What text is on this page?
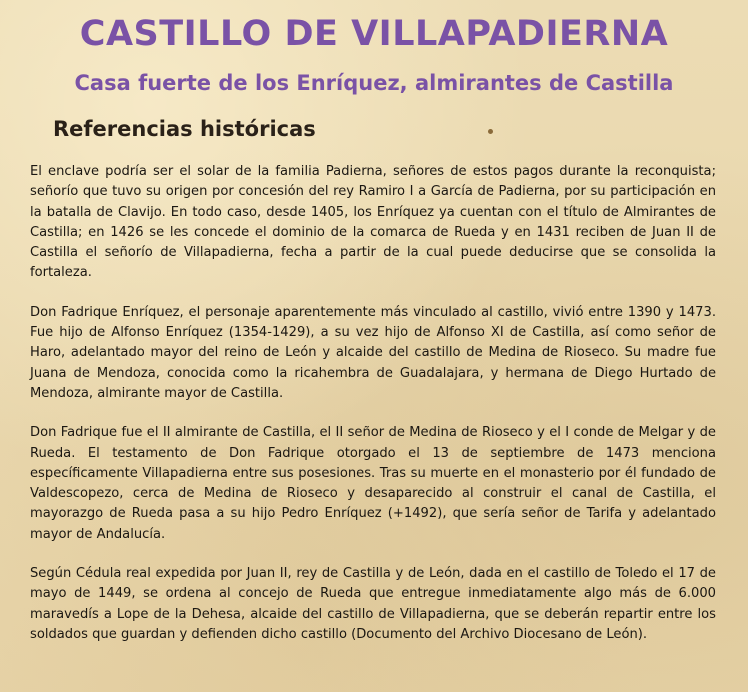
CASTILLO DE VILLAPADIERNA
Casa fuerte de los Enríquez, almirantes de Castilla
Referencias históricas

El enclave podría ser el solar de la familia Padierna, señores de estos pagos durante la reconquista; señorío que tuvo su origen por concesión del rey Ramiro I a García de Padierna, por su participación en la batalla de Clavijo. En todo caso, desde 1405, los Enríquez ya cuentan con el título de Almirantes de Castilla; en 1426 se les concede el dominio de la comarca de Rueda y en 1431 reciben de Juan II de Castilla el señorío de Villapadierna, fecha a partir de la cual puede deducirse que se consolida la fortaleza.

Don Fadrique Enríquez, el personaje aparentemente más vinculado al castillo, vivió entre 1390 y 1473. Fue hijo de Alfonso Enríquez (1354-1429), a su vez hijo de Alfonso XI de Castilla, así como señor de Haro, adelantado mayor del reino de León y alcaide del castillo de Medina de Rioseco. Su madre fue Juana de Mendoza, conocida como la ricahembra de Guadalajara, y hermana de Diego Hurtado de Mendoza, almirante mayor de Castilla.

Don Fadrique fue el II almirante de Castilla, el II señor de Medina de Rioseco y el I conde de Melgar y de Rueda. El testamento de Don Fadrique otorgado el 13 de septiembre de 1473 menciona específicamente Villapadierna entre sus posesiones. Tras su muerte en el monasterio por él fundado de Valdescopezo, cerca de Medina de Rioseco y desaparecido al construir el canal de Castilla, el mayorazgo de Rueda pasa a su hijo Pedro Enríquez (+1492), que sería señor de Tarifa y adelantado mayor de Andalucía.

Según Cédula real expedida por Juan II, rey de Castilla y de León, dada en el castillo de Toledo el 17 de mayo de 1449, se ordena al concejo de Rueda que entregue inmediatamente algo más de 6.000 maravedís a Lope de la Dehesa, alcaide del castillo de Villapadierna, que se deberán repartir entre los soldados que guardan y defienden dicho castillo (Documento del Archivo Diocesano de León).
